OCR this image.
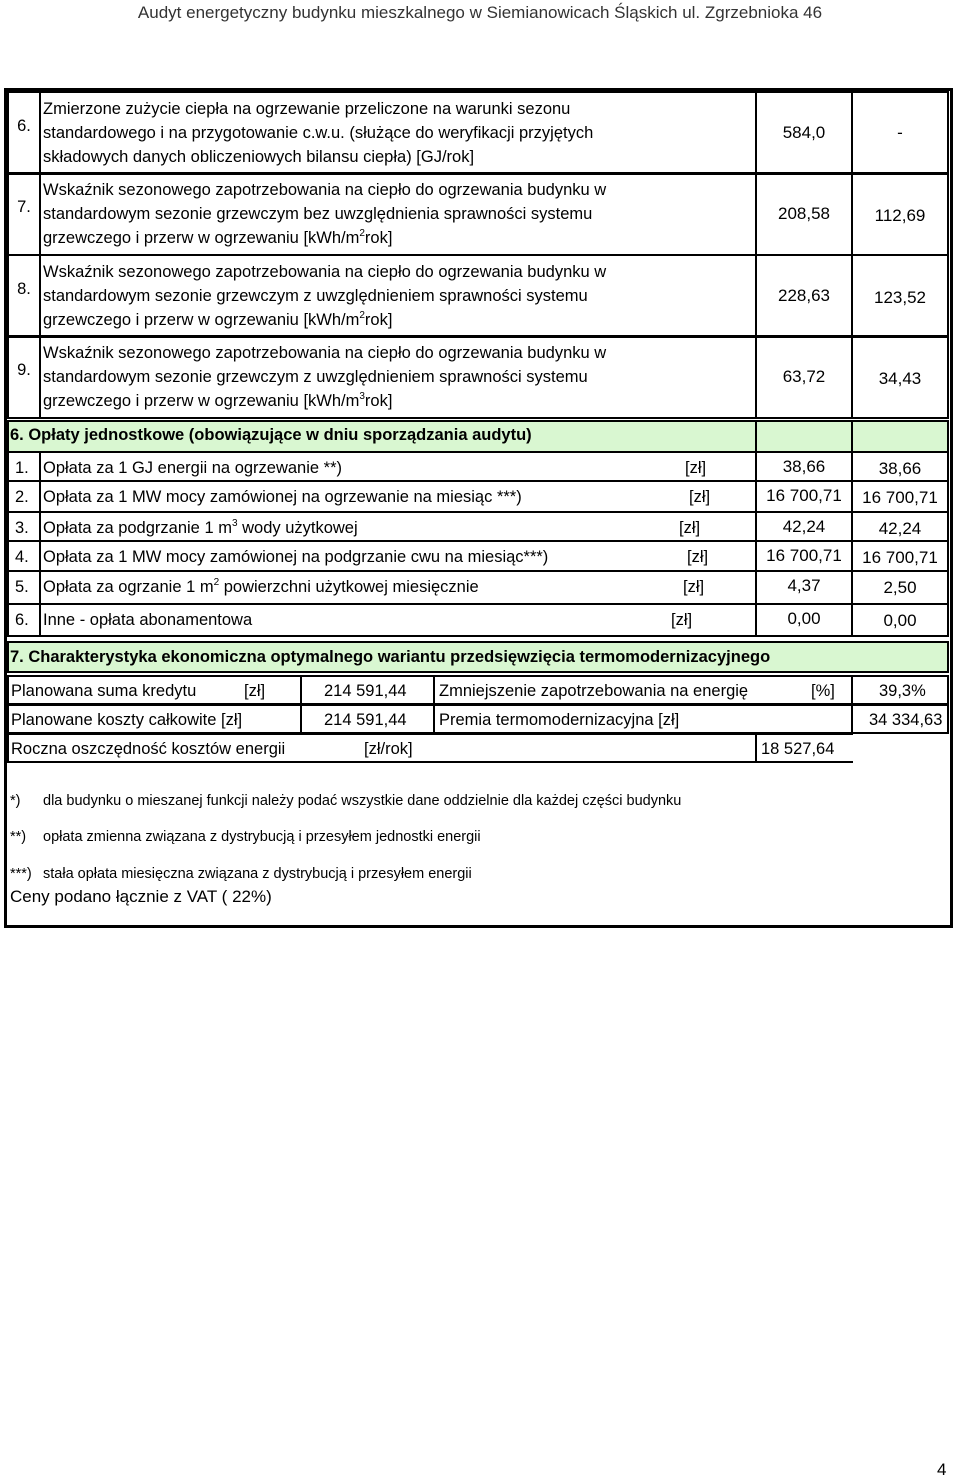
Audyt energetyczny budynku mieszkalnego w Siemianowicach Śląskich ul. Zgrzebnioka 46
6.
Zmierzone zużycie ciepła na ogrzewanie przeliczone na warunki sezonu
standardowego i na przygotowanie c.w.u. (służące do weryfikacji przyjętych
składowych danych obliczeniowych bilansu ciepła) [GJ/rok]
584,0	-
7.
Wskaźnik sezonowego zapotrzebowania na ciepło do ogrzewania budynku w
standardowym sezonie grzewczym bez uwzględnienia sprawności systemu
grzewczego i przerw w ogrzewaniu $[kWh/m^2rok]$
208,58	112,69
8.
Wskaźnik sezonowego zapotrzebowania na ciepło do ogrzewania budynku w
standardowym sezonie grzewczym z uwzględnieniem sprawności systemu
grzewczego i przerw w ogrzewaniu $[kWh/m^2rok]$
228,63	123,52
9.
Wskaźnik sezonowego zapotrzebowania na ciepło do ogrzewania budynku w
standardowym sezonie grzewczym z uwzględnieniem sprawności systemu
grzewczego i przerw w ogrzewaniu $[kWh/m^3rok]$
63,72	34,43
6. Opłaty jednostkowe (obowiązujące w dniu sporządzania audytu)
1. Opłata za 1 GJ energii na ogrzewanie **)	[zł]	38,66	38,66
2. Opłata za 1 MW mocy zamówionej na ogrzewanie na miesiąc ***)	[zł]	16 700,71	16 700,71
3. Opłata za podgrzanie 1 $m^3$ wody użytkowej	[zł]	42,24	42,24
4. Opłata za 1 MW mocy zamówionej na podgrzanie cwu na miesiąc***)	[zł]	16 700,71	16 700,71
5. Opłata za ogrzanie 1 $m^2$ powierzchni użytkowej miesięcznie	[zł]	4,37	2,50
6. Inne - opłata abonamentowa	[zł]	0,00	0,00
7. Charakterystyka ekonomiczna optymalnego wariantu przedsięwzięcia termomodernizacyjnego
Planowana suma kredytu	[zł]	214 591,44	Zmniejszenie zapotrzebowania na energię	[%]	39,3%
Planowane koszty całkowite [zł]	214 591,44	Premia termomodernizacyjna [zł]	34 334,63
Roczna oszczędność kosztów energii	[zł/rok]	18 527,64
*) dla budynku o mieszanej funkcji należy podać wszystkie dane oddzielnie dla każdej części budynku
**) opłata zmienna związana z dystrybucją i przesyłem jednostki energii
***) stała opłata miesięczna związana z dystrybucją i przesyłem energii
Ceny podano łącznie z VAT ( 22%)
4
